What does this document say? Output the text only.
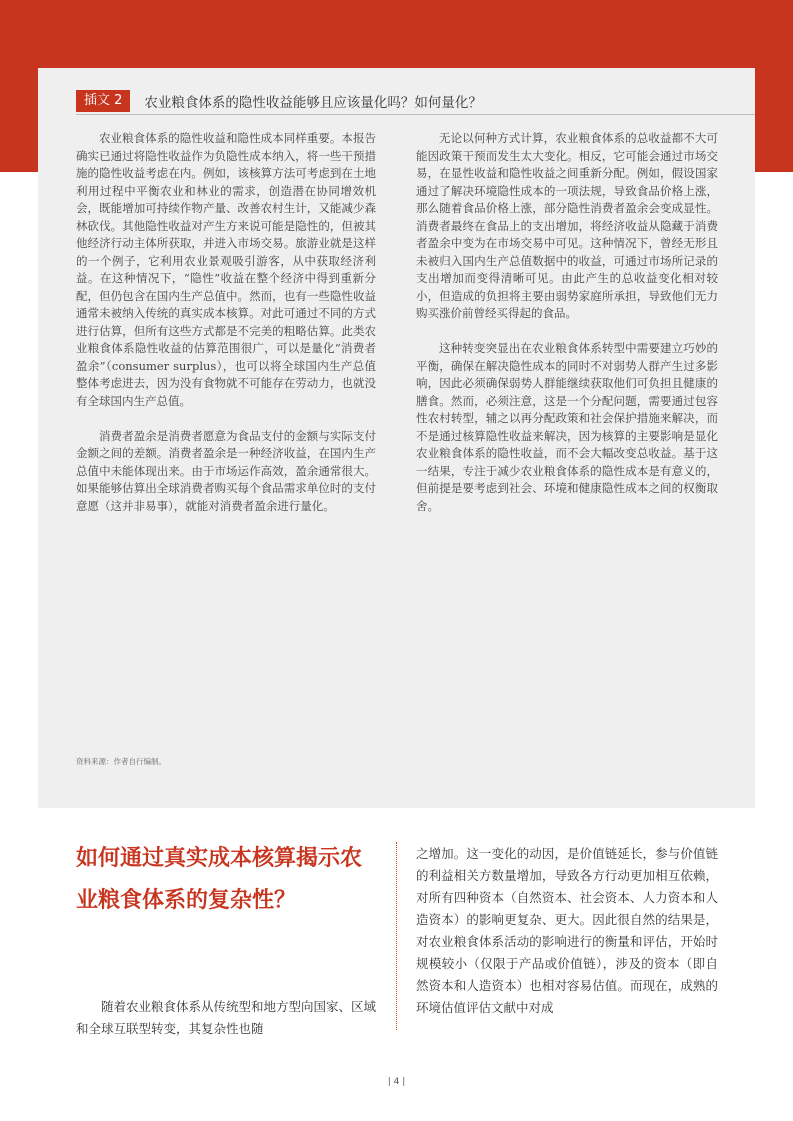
插文 2	农业粮食体系的隐性收益能够且应该量化吗？如何量化？

农业粮食体系的隐性收益和隐性成本同样重要。本报告确实已通过将隐性收益作为负隐性成本纳入，将一些干预措施的隐性收益考虑在内。例如，该核算方法可考虑到在土地利用过程中平衡农业和林业的需求，创造潜在协同增效机会，既能增加可持续作物产量、改善农村生计，又能减少森林砍伐。其他隐性收益对产生方来说可能是隐性的，但被其他经济行动主体所获取，并进入市场交易。旅游业就是这样的一个例子，它利用农业景观吸引游客，从中获取经济利益。在这种情况下，“隐性”收益在整个经济中得到重新分配，但仍包含在国内生产总值中。然而，也有一些隐性收益通常未被纳入传统的真实成本核算。对此可通过不同的方式进行估算，但所有这些方式都是不完美的粗略估算。此类农业粮食体系隐性收益的估算范围很广，可以是量化“消费者盈余”（consumer surplus），也可以将全球国内生产总值整体考虑进去，因为没有食物就不可能存在劳动力，也就没有全球国内生产总值。

消费者盈余是消费者愿意为食品支付的金额与实际支付金额之间的差额。消费者盈余是一种经济收益，在国内生产总值中未能体现出来。由于市场运作高效，盈余通常很大。如果能够估算出全球消费者购买每个食品需求单位时的支付意愿（这并非易事），就能对消费者盈余进行量化。

无论以何种方式计算，农业粮食体系的总收益都不大可能因政策干预而发生太大变化。相反，它可能会通过市场交易，在显性收益和隐性收益之间重新分配。例如，假设国家通过了解决环境隐性成本的一项法规，导致食品价格上涨，那么随着食品价格上涨，部分隐性消费者盈余会变成显性。消费者最终在食品上的支出增加，将经济收益从隐藏于消费者盈余中变为在市场交易中可见。这种情况下，曾经无形且未被归入国内生产总值数据中的收益，可通过市场所记录的支出增加而变得清晰可见。由此产生的总收益变化相对较小，但造成的负担将主要由弱势家庭所承担，导致他们无力购买涨价前曾经买得起的食品。

这种转变突显出在农业粮食体系转型中需要建立巧妙的平衡，确保在解决隐性成本的同时不对弱势人群产生过多影响，因此必须确保弱势人群能继续获取他们可负担且健康的膳食。然而，必须注意，这是一个分配问题，需要通过包容性农村转型，辅之以再分配政策和社会保护措施来解决，而不是通过核算隐性收益来解决，因为核算的主要影响是显化农业粮食体系的隐性收益，而不会大幅改变总收益。基于这一结果，专注于减少农业粮食体系的隐性成本是有意义的，但前提是要考虑到社会、环境和健康隐性成本之间的权衡取舍。

资料来源：作者自行编制。
如何通过真实成本核算揭示农业粮食体系的复杂性？

随着农业粮食体系从传统型和地方型向国家、区域和全球互联型转变，其复杂性也随

之增加。这一变化的动因，是价值链延长，参与价值链的利益相关方数量增加，导致各方行动更加相互依赖，对所有四种资本（自然资本、社会资本、人力资本和人造资本）的影响更复杂、更大。因此很自然的结果是，对农业粮食体系活动的影响进行的衡量和评估，开始时规模较小（仅限于产品或价值链），涉及的资本（即自然资本和人造资本）也相对容易估值。而现在，成熟的环境估值评估文献中对成

| 4 |
